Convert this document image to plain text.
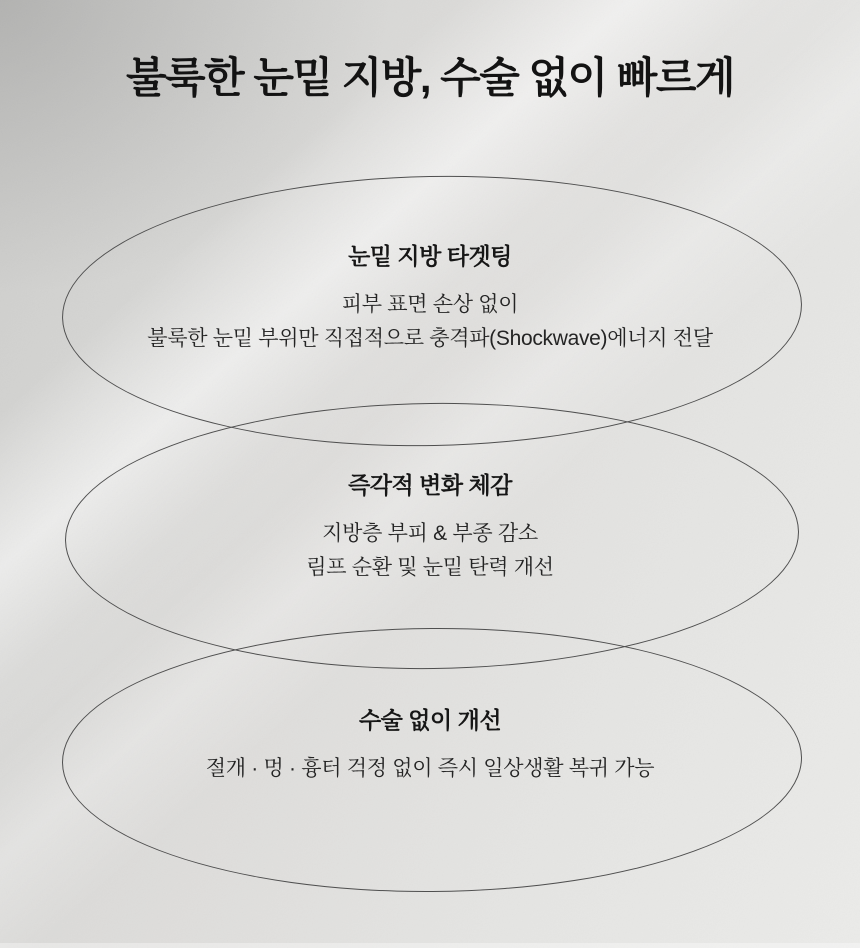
불룩한 눈밑 지방, 수술 없이 빠르게
눈밑 지방 타겟팅

피부 표면 손상 없이
불룩한 눈밑 부위만 직접적으로 충격파(Shockwave)에너지 전달

즉각적 변화 체감

지방층 부피 & 부종 감소
림프 순환 및 눈밑 탄력 개선

수술 없이 개선

절개 · 멍 · 흉터 걱정 없이 즉시 일상생활 복귀 가능
